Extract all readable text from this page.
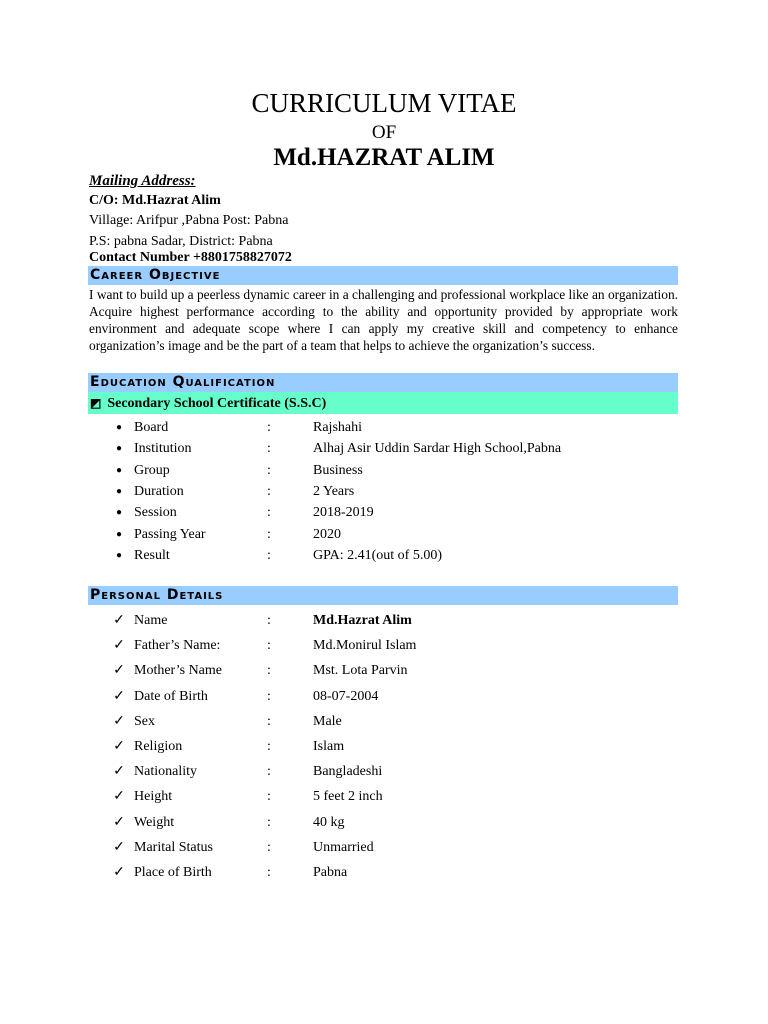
CURRICULUM VITAE
OF
Md.HAZRAT ALIM
Mailing Address:
C/O: Md.Hazrat Alim
Village: Arifpur ,Pabna Post: Pabna
P.S: pabna Sadar, District: Pabna
Contact Number +8801758827072
Career Objective

I want to build up a peerless dynamic career in a challenging and professional workplace like an organization. Acquire highest performance according to the ability and opportunity provided by appropriate work environment and adequate scope where I can apply my creative skill and competency to enhance organization’s image and be the part of a team that helps to achieve the organization’s success.

Education Qualification
◩ Secondary School Certificate (S.S.C)
● Board	:	Rajshahi
● Institution	:	Alhaj Asir Uddin Sardar High School,Pabna
● Group	:	Business
● Duration	:	2 Years
● Session	:	2018-2019
● Passing Year	:	2020
● Result	:	GPA: 2.41(out of 5.00)
Personal Details
✓ Name	:	Md.Hazrat Alim
✓ Father’s Name:	:	Md.Monirul Islam
✓ Mother’s Name	:	Mst. Lota Parvin
✓ Date of Birth	:	08-07-2004
✓ Sex	:	Male
✓ Religion	:	Islam
✓ Nationality	:	Bangladeshi
✓ Height	:	5 feet 2 inch
✓ Weight	:	40 kg
✓ Marital Status	:	Unmarried
✓ Place of Birth	:	Pabna
